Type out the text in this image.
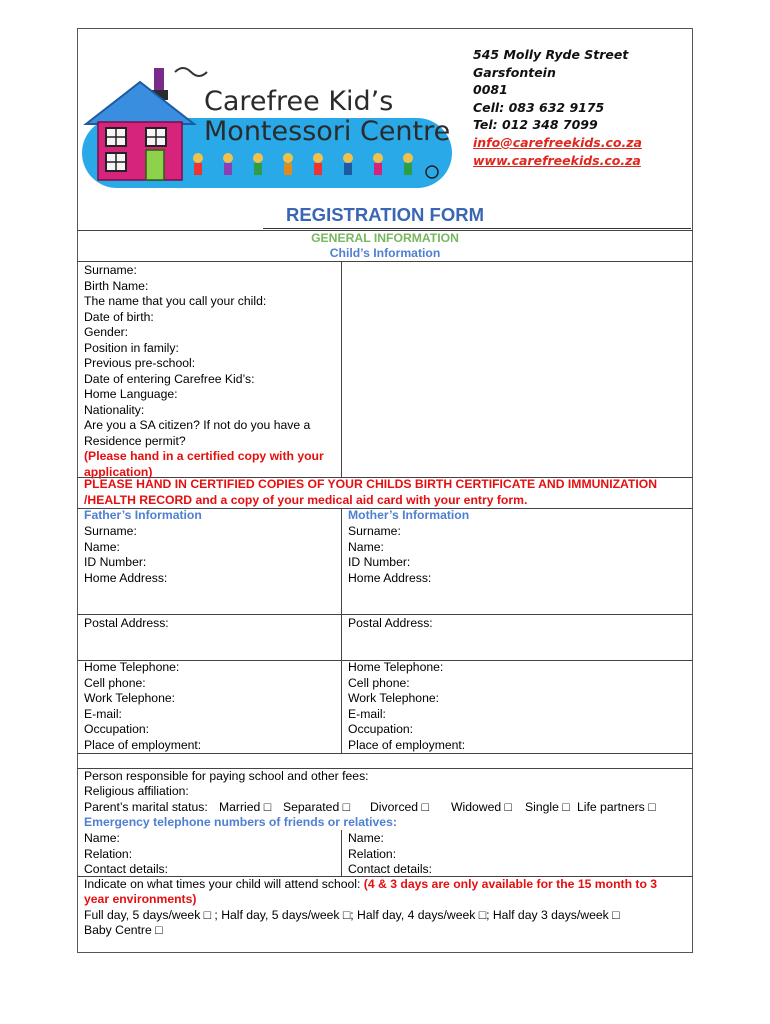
Carefree Kid’s
Montessori Centre
545 Molly Ryde Street
Garsfontein
0081
Cell: 083 632 9175
Tel: 012 348 7099
info@carefreekids.co.za
www.carefreekids.co.za
REGISTRATION FORM
GENERAL INFORMATION
Child’s Information
Surname:
Birth Name:
The name that you call your child:
Date of birth:
Gender:
Position in family:
Previous pre-school:
Date of entering Carefree Kid’s:
Home Language:
Nationality:
Are you a SA citizen? If not do you have a
Residence permit?
(Please hand in a certified copy with your
application)
PLEASE HAND IN CERTIFIED COPIES OF YOUR CHILDS BIRTH CERTIFICATE AND IMMUNIZATION
/HEALTH RECORD and a copy of your medical aid card with your entry form.
Father’s Information	Mother’s Information
Surname:
Name:
ID Number:
Home Address:
Surname:
Name:
ID Number:
Home Address:
Postal Address:	Postal Address:
Home Telephone:
Cell phone:
Work Telephone:
E-mail:
Occupation:
Place of employment:
Home Telephone:
Cell phone:
Work Telephone:
E-mail:
Occupation:
Place of employment:
Person responsible for paying school and other fees:
Religious affiliation:
Parent’s marital status: Married □ Separated □ Divorced □ Widowed □ Single □ Life partners □
Emergency telephone numbers of friends or relatives:
Name:
Relation:
Contact details:
Name:
Relation:
Contact details:
Indicate on what times your child will attend school: (4 & 3 days are only available for the 15 month to 3
year environments)
Full day, 5 days/week □ ; Half day, 5 days/week □; Half day, 4 days/week □; Half day 3 days/week □
Baby Centre □
